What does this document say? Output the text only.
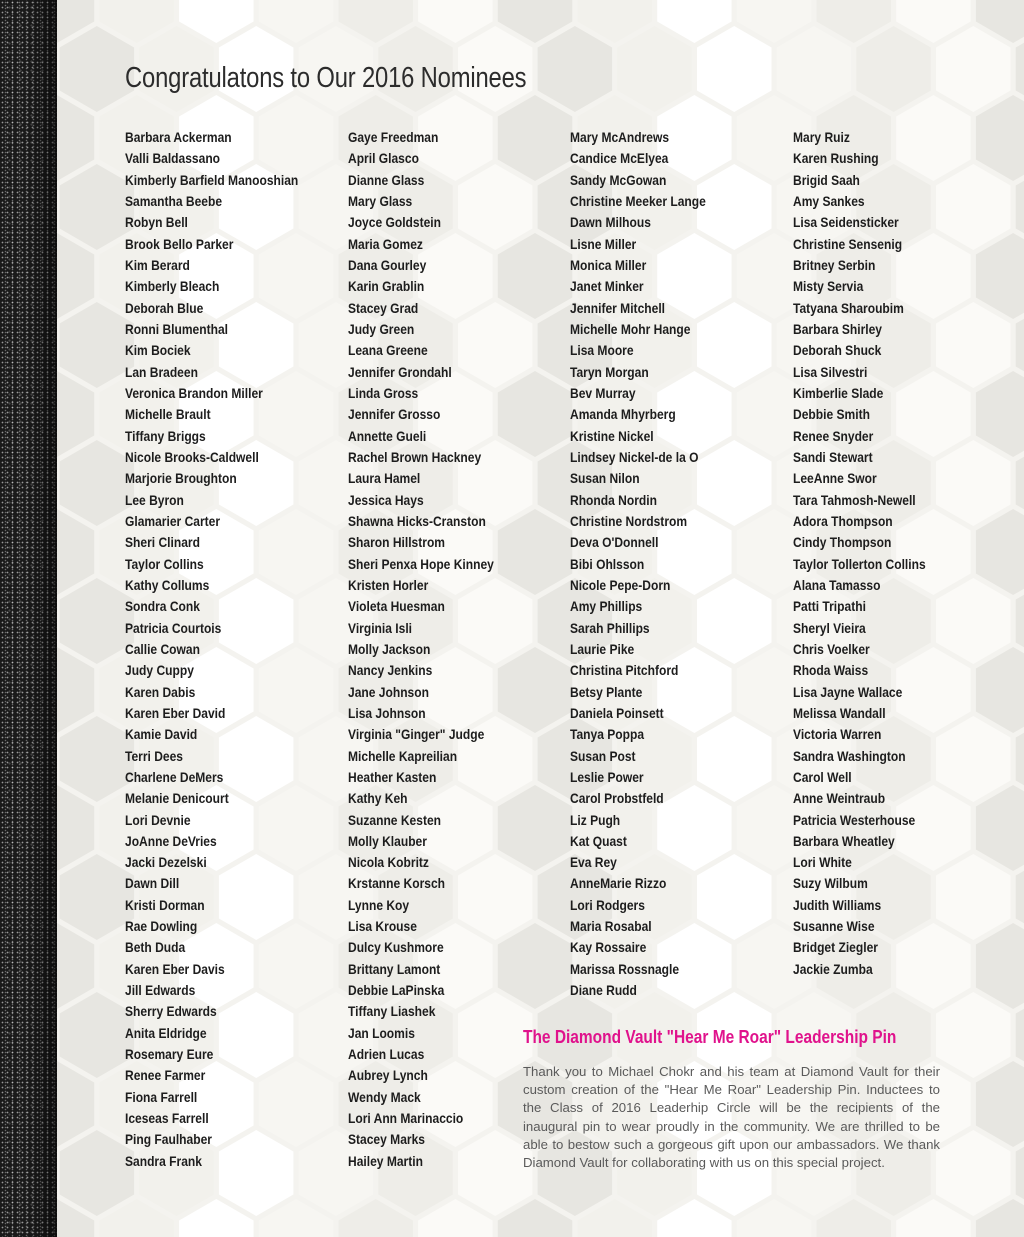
Congratulatons to Our 2016 Nominees
Barbara Ackerman
Valli Baldassano
Kimberly Barfield Manooshian
Samantha Beebe
Robyn Bell
Brook Bello Parker
Kim Berard
Kimberly Bleach
Deborah Blue
Ronni Blumenthal
Kim Bociek
Lan Bradeen
Veronica Brandon Miller
Michelle Brault
Tiffany Briggs
Nicole Brooks-Caldwell
Marjorie Broughton
Lee Byron
Glamarier Carter
Sheri Clinard
Taylor Collins
Kathy Collums
Sondra Conk
Patricia Courtois
Callie Cowan
Judy Cuppy
Karen Dabis
Karen Eber David
Kamie David
Terri Dees
Charlene DeMers
Melanie Denicourt
Lori Devnie
JoAnne DeVries
Jacki Dezelski
Dawn Dill
Kristi Dorman
Rae Dowling
Beth Duda
Karen Eber Davis
Jill Edwards
Sherry Edwards
Anita Eldridge
Rosemary Eure
Renee Farmer
Fiona Farrell
Iceseas Farrell
Ping Faulhaber
Sandra Frank
Gaye Freedman
April Glasco
Dianne Glass
Mary Glass
Joyce Goldstein
Maria Gomez
Dana Gourley
Karin Grablin
Stacey Grad
Judy Green
Leana Greene
Jennifer Grondahl
Linda Gross
Jennifer Grosso
Annette Gueli
Rachel Brown Hackney
Laura Hamel
Jessica Hays
Shawna Hicks-Cranston
Sharon Hillstrom
Sheri Penxa Hope Kinney
Kristen Horler
Violeta Huesman
Virginia Isli
Molly Jackson
Nancy Jenkins
Jane Johnson
Lisa Johnson
Virginia "Ginger" Judge
Michelle Kapreilian
Heather Kasten
Kathy Keh
Suzanne Kesten
Molly Klauber
Nicola Kobritz
Krstanne Korsch
Lynne Koy
Lisa Krouse
Dulcy Kushmore
Brittany Lamont
Debbie LaPinska
Tiffany Liashek
Jan Loomis
Adrien Lucas
Aubrey Lynch
Wendy Mack
Lori Ann Marinaccio
Stacey Marks
Hailey Martin
Mary McAndrews
Candice McElyea
Sandy McGowan
Christine Meeker Lange
Dawn Milhous
Lisne Miller
Monica Miller
Janet Minker
Jennifer Mitchell
Michelle Mohr Hange
Lisa Moore
Taryn Morgan
Bev Murray
Amanda Mhyrberg
Kristine Nickel
Lindsey Nickel-de la O
Susan Nilon
Rhonda Nordin
Christine Nordstrom
Deva O'Donnell
Bibi Ohlsson
Nicole Pepe-Dorn
Amy Phillips
Sarah Phillips
Laurie Pike
Christina Pitchford
Betsy Plante
Daniela Poinsett
Tanya Poppa
Susan Post
Leslie Power
Carol Probstfeld
Liz Pugh
Kat Quast
Eva Rey
AnneMarie Rizzo
Lori Rodgers
Maria Rosabal
Kay Rossaire
Marissa Rossnagle
Diane Rudd
Mary Ruiz
Karen Rushing
Brigid Saah
Amy Sankes
Lisa Seidensticker
Christine Sensenig
Britney Serbin
Misty Servia
Tatyana Sharoubim
Barbara Shirley
Deborah Shuck
Lisa Silvestri
Kimberlie Slade
Debbie Smith
Renee Snyder
Sandi Stewart
LeeAnne Swor
Tara Tahmosh-Newell
Adora Thompson
Cindy Thompson
Taylor Tollerton Collins
Alana Tamasso
Patti Tripathi
Sheryl Vieira
Chris Voelker
Rhoda Waiss
Lisa Jayne Wallace
Melissa Wandall
Victoria Warren
Sandra Washington
Carol Well
Anne Weintraub
Patricia Westerhouse
Barbara Wheatley
Lori White
Suzy Wilbum
Judith Williams
Susanne Wise
Bridget Ziegler
Jackie Zumba
The Diamond Vault "Hear Me Roar" Leadership Pin

Thank you to Michael Chokr and his team at Diamond Vault for their custom creation of the "Hear Me Roar" Leadership Pin. Inductees to the Class of 2016 Leaderhip Circle will be the recipients of the inaugural pin to wear proudly in the community. We are thrilled to be able to bestow such a gorgeous gift upon our ambassadors. We thank Diamond Vault for collaborating with us on this special project.
